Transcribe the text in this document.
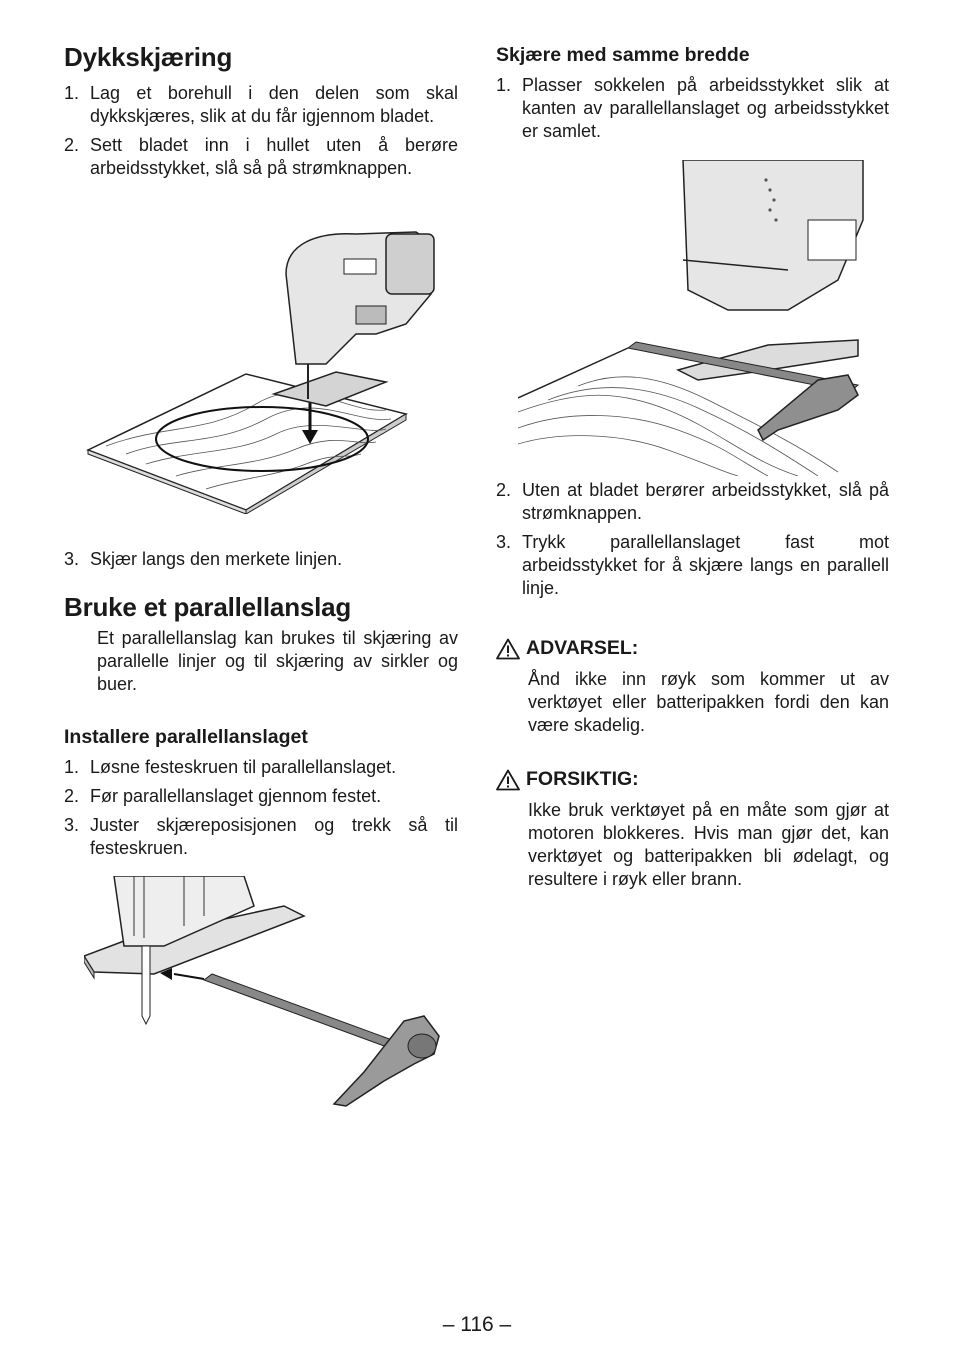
Dykkskjæring
1. Lag et borehull i den delen som skal dykkskjæres, slik at du får igjennom bladet.
2. Sett bladet inn i hullet uten å berøre arbeidsstykket, slå så på strømknappen.
3. Skjær langs den merkete linjen.
Bruke et parallellanslag

Et parallellanslag kan brukes til skjæring av parallelle linjer og til skjæring av sirkler og buer.

Installere parallellanslaget
1. Løsne festeskruen til parallellanslaget.
2. Før parallellanslaget gjennom festet.
3. Juster skjæreposisjonen og trekk så til festeskruen.
Skjære med samme bredde
1. Plasser sokkelen på arbeidsstykket slik at kanten av parallellanslaget og arbeidsstykket er samlet.
2. Uten at bladet berører arbeidsstykket, slå på strømknappen.
3. Trykk parallellanslaget fast mot arbeidsstykket for å skjære langs en parallell linje.
ADVARSEL:

Ånd ikke inn røyk som kommer ut av verktøyet eller batteripakken fordi den kan være skadelig.

FORSIKTIG:

Ikke bruk verktøyet på en måte som gjør at motoren blokkeres. Hvis man gjør det, kan verktøyet og batteripakken bli ødelagt, og resultere i røyk eller brann.

– 116 –
